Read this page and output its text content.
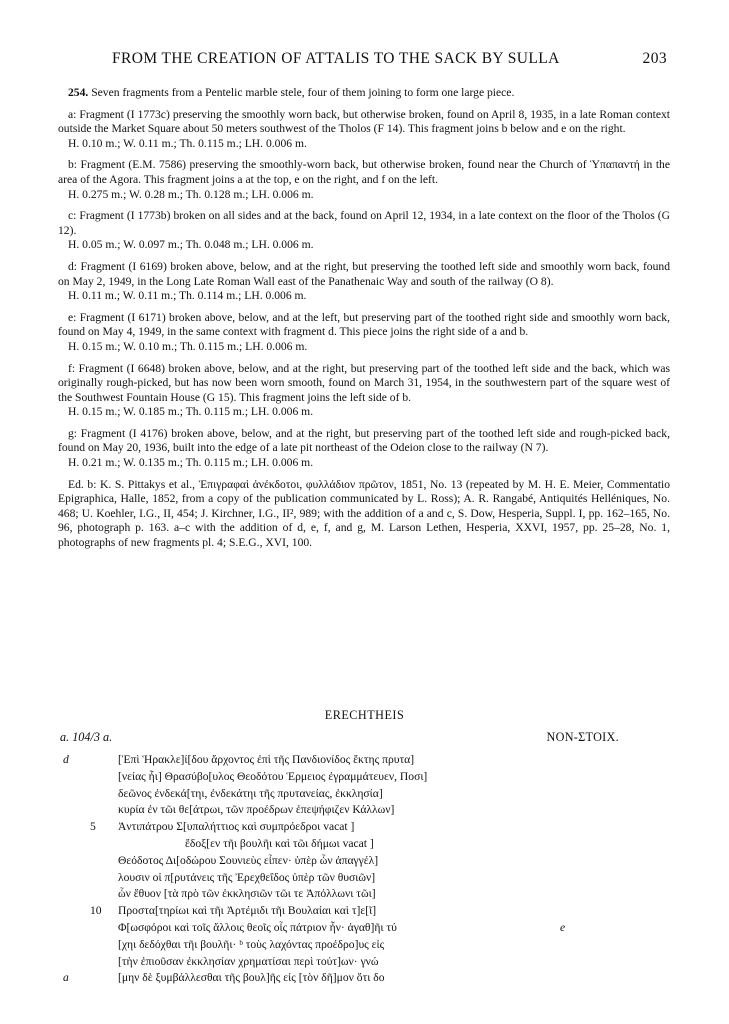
FROM THE CREATION OF ATTALIS TO THE SACK BY SULLA	203

254. Seven fragments from a Pentelic marble stele, four of them joining to form one large piece.

a: Fragment (I 1773c) preserving the smoothly worn back, but otherwise broken, found on April 8, 1935, in a late Roman context outside the Market Square about 50 meters southwest of the Tholos (F 14). This fragment joins b below and e on the right.

H. 0.10 m.; W. 0.11 m.; Th. 0.115 m.; LH. 0.006 m.

b: Fragment (E.M. 7586) preserving the smoothly-worn back, but otherwise broken, found near the Church of Ὑπαπαντή in the area of the Agora. This fragment joins a at the top, e on the right, and f on the left.

H. 0.275 m.; W. 0.28 m.; Th. 0.128 m.; LH. 0.006 m.

c: Fragment (I 1773b) broken on all sides and at the back, found on April 12, 1934, in a late context on the floor of the Tholos (G 12).

H. 0.05 m.; W. 0.097 m.; Th. 0.048 m.; LH. 0.006 m.

d: Fragment (I 6169) broken above, below, and at the right, but preserving the toothed left side and smoothly worn back, found on May 2, 1949, in the Long Late Roman Wall east of the Panathenaic Way and south of the railway (O 8).

H. 0.11 m.; W. 0.11 m.; Th. 0.114 m.; LH. 0.006 m.

e: Fragment (I 6171) broken above, below, and at the left, but preserving part of the toothed right side and smoothly worn back, found on May 4, 1949, in the same context with fragment d. This piece joins the right side of a and b.

H. 0.15 m.; W. 0.10 m.; Th. 0.115 m.; LH. 0.006 m.

f: Fragment (I 6648) broken above, below, and at the right, but preserving part of the toothed left side and the back, which was originally rough-picked, but has now been worn smooth, found on March 31, 1954, in the southwestern part of the square west of the Southwest Fountain House (G 15). This fragment joins the left side of b.

H. 0.15 m.; W. 0.185 m.; Th. 0.115 m.; LH. 0.006 m.

g: Fragment (I 4176) broken above, below, and at the right, but preserving part of the toothed left side and rough-picked back, found on May 20, 1936, built into the edge of a late pit northeast of the Odeion close to the railway (N 7).

H. 0.21 m.; W. 0.135 m.; Th. 0.115 m.; LH. 0.006 m.

Ed. b: K. S. Pittakys et al., Ἐπιγραφαὶ ἀνέκδοτοι, φυλλάδιον πρῶτον, 1851, No. 13 (repeated by M. H. E. Meier, Commentatio Epigraphica, Halle, 1852, from a copy of the publication communicated by L. Ross); A. R. Rangabé, Antiquités Helléniques, No. 468; U. Koehler, I.G., II, 454; J. Kirchner, I.G., II², 989; with the addition of a and c, S. Dow, Hesperia, Suppl. I, pp. 162–165, No. 96, photograph p. 163. a–c with the addition of d, e, f, and g, M. Larson Lethen, Hesperia, XXVI, 1957, pp. 25–28, No. 1, photographs of new fragments pl. 4; S.E.G., XVI, 100.

ERECHTHEIS
a. 104/3 a.	NON-ΣΤΟΙΧ.
d	[Ἐπὶ Ἡρακλε]ί[δου ἄρχοντος ἐπὶ τῆς Πανδιονίδος ἕκτης πρυτα]
[νείας ἧι] Θρασύβο[υλος Θεοδότου Ἑρμειος ἐγραμμάτευεν, Ποσι]
δεῶνος ἐνδεκά[τηι, ἐνδεκάτηι τῆς πρυτανείας, ἐκκλησία]
κυρία ἐν τῶι θε[άτρωι, τῶν προέδρων ἐπεψήφιζεν Κάλλων]
5 Ἀντιπάτρου Σ[υπαλήττιος καὶ συμπρόεδροι vacat ]
ἔδοξ[εν τῆι βουλῆι καὶ τῶι δήμωι vacat ]
Θεόδοτος Δι[οδώρου Σουνιεὺς εἶπεν· ὑπὲρ ὧν ἀπαγγέλ]
λουσιν οἱ π[ρυτάνεις τῆς Ἐρεχθεΐδος ὑπὲρ τῶν θυσιῶν]
ὧν ἔθυον [τὰ πρὸ τῶν ἐκκλησιῶν τῶι τε Ἀπόλλωνι τῶι]
10 Προστα[τηρίωι καὶ τῆι Ἀρτέμιδι τῆι Βουλαίαι καὶ τ]ε[ῖ]
Φ[ωσφόροι καὶ τοῖς ἄλλοις θεοῖς οἷς πάτριον ἦν· ἀγαθ]ῆι τύ	e
[χηι δεδόχθαι τῆι βουλῆι· ᵇ τοὺς λαχόντας προέδρο]υς εἰς
[τὴν ἐπιοῦσαν ἐκκλησίαν χρηματίσαι περὶ τούτ]ων· γνώ
a	[μην δὲ ξυμβάλλεσθαι τῆς βουλ]ῆς εἰς [τὸν δῆ]μον ὅτι δο
